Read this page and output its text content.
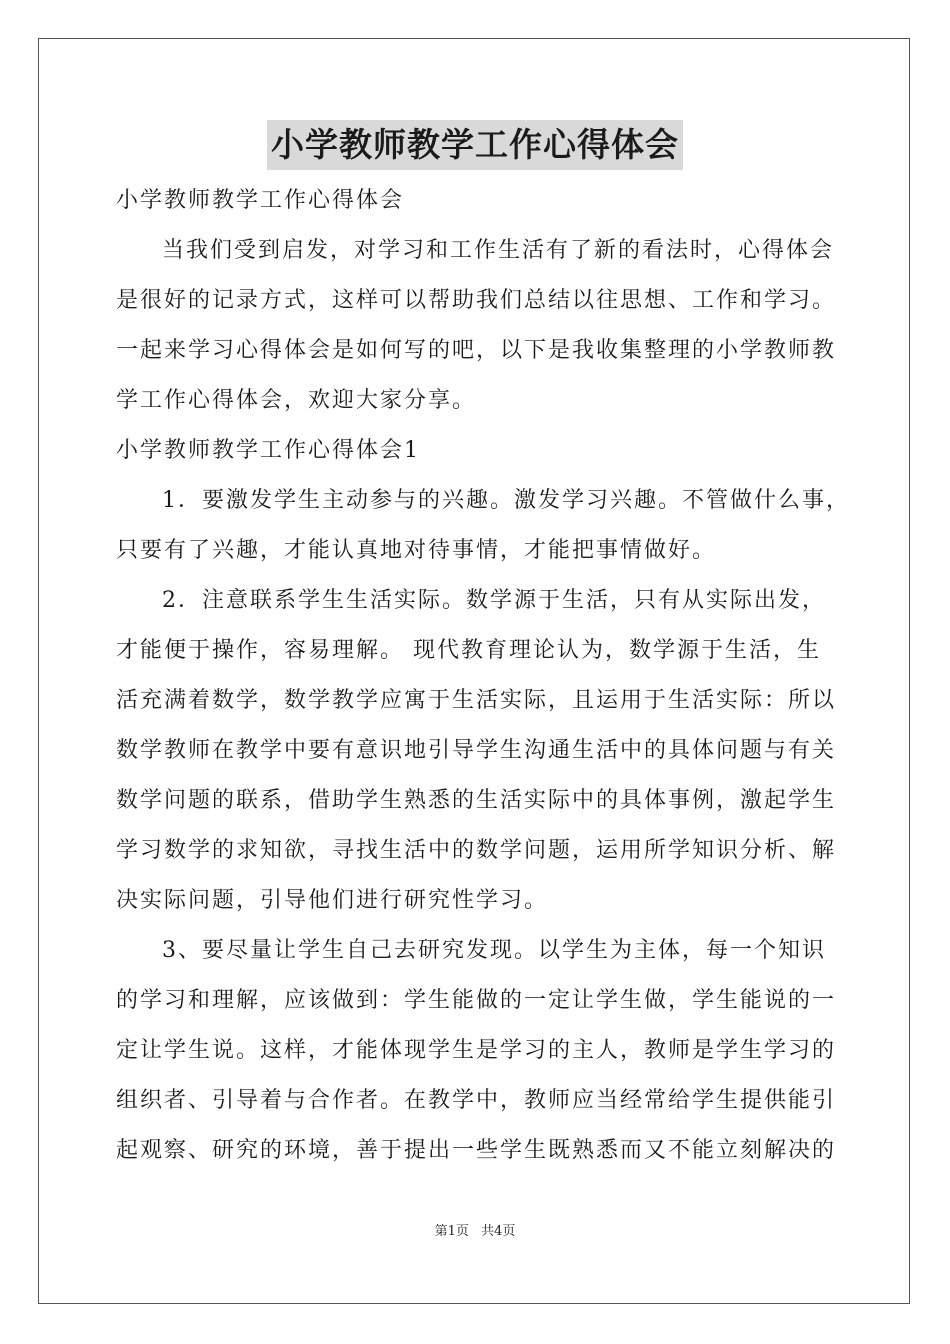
小学教师教学工作心得体会

小学教师教学工作心得体会

当我们受到启发，对学习和工作生活有了新的看法时，心得体会

是很好的记录方式，这样可以帮助我们总结以往思想、工作和学习。

一起来学习心得体会是如何写的吧，以下是我收集整理的小学教师教

学工作心得体会，欢迎大家分享。

小学教师教学工作心得体会1

1．要激发学生主动参与的兴趣。激发学习兴趣。不管做什么事，

只要有了兴趣，才能认真地对待事情，才能把事情做好。

2．注意联系学生生活实际。数学源于生活，只有从实际出发，

才能便于操作，容易理解。 现代教育理论认为，数学源于生活，生

活充满着数学，数学教学应寓于生活实际，且运用于生活实际：所以

数学教师在教学中要有意识地引导学生沟通生活中的具体问题与有关

数学问题的联系，借助学生熟悉的生活实际中的具体事例，激起学生

学习数学的求知欲，寻找生活中的数学问题，运用所学知识分析、解

决实际问题，引导他们进行研究性学习。

3、要尽量让学生自己去研究发现。以学生为主体，每一个知识

的学习和理解，应该做到：学生能做的一定让学生做，学生能说的一

定让学生说。这样，才能体现学生是学习的主人，教师是学生学习的

组织者、引导着与合作者。在教学中，教师应当经常给学生提供能引

起观察、研究的环境，善于提出一些学生既熟悉而又不能立刻解决的

第1页 共4页
